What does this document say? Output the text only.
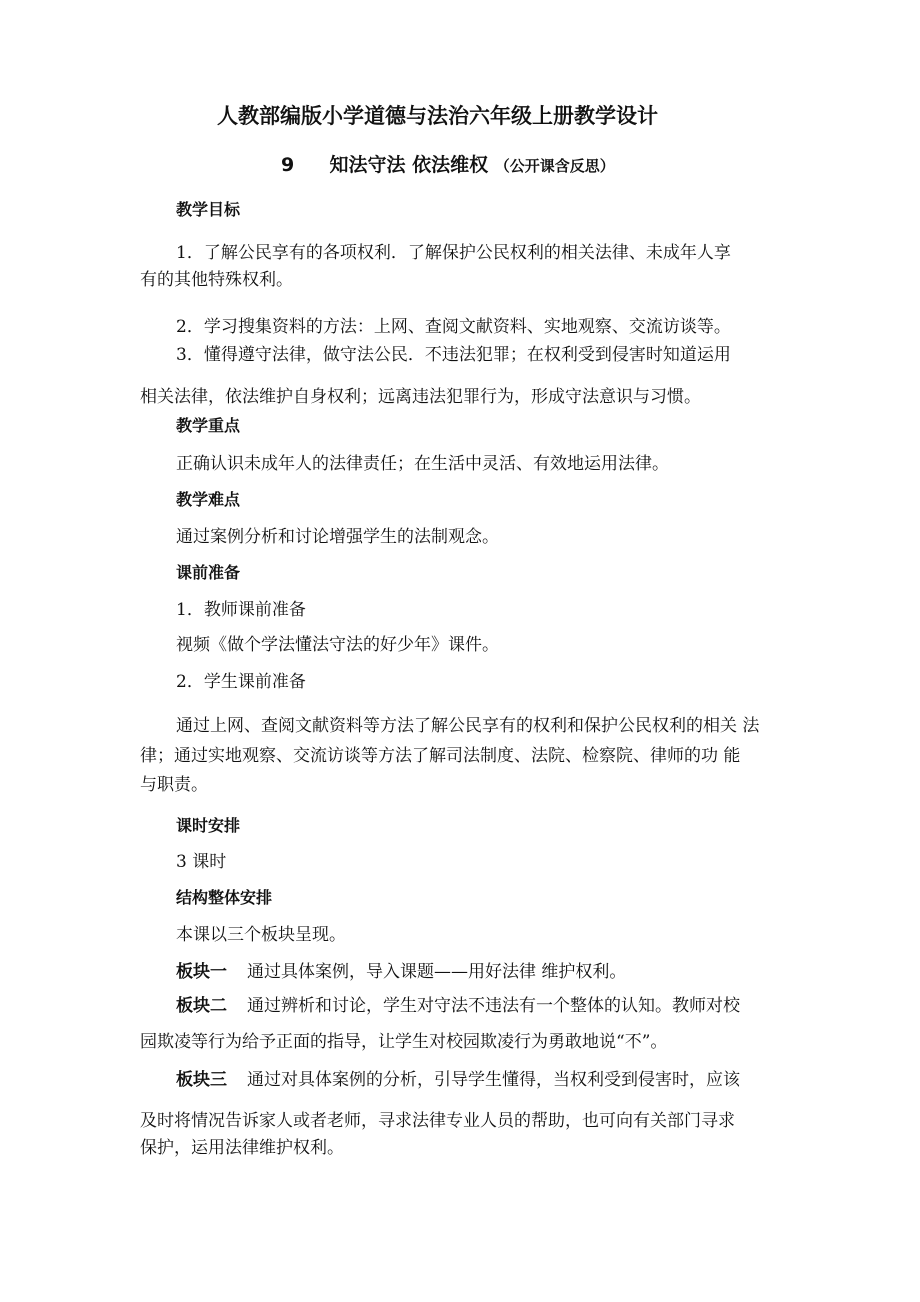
人教部编版小学道德与法治六年级上册教学设计
9 知法守法 依法维权 （公开课含反思）
教学目标
1．了解公民享有的各项权利．了解保护公民权利的相关法律、未成年人享
有的其他特殊权利。
2．学习搜集资料的方法：上网、查阅文献资料、实地观察、交流访谈等。
3．懂得遵守法律，做守法公民．不违法犯罪；在权利受到侵害时知道运用
相关法律，依法维护自身权利；远离违法犯罪行为，形成守法意识与习惯。
教学重点
正确认识未成年人的法律责任；在生活中灵活、有效地运用法律。
教学难点
通过案例分析和讨论增强学生的法制观念。
课前准备
1．教师课前准备
视频《做个学法懂法守法的好少年》课件。
2．学生课前准备
通过上网、查阅文献资料等方法了解公民享有的权利和保护公民权利的相关 法
律；通过实地观察、交流访谈等方法了解司法制度、法院、检察院、律师的功 能
与职责。
课时安排
3 课时
结构整体安排
本课以三个板块呈现。
板块一 通过具体案例，导入课题——用好法律 维护权利。
板块二 通过辨析和讨论，学生对守法不违法有一个整体的认知。教师对校
园欺凌等行为给予正面的指导，让学生对校园欺凌行为勇敢地说“不”。
板块三 通过对具体案例的分析，引导学生懂得，当权利受到侵害时，应该
及时将情况告诉家人或者老师，寻求法律专业人员的帮助，也可向有关部门寻求
保护，运用法律维护权利。
